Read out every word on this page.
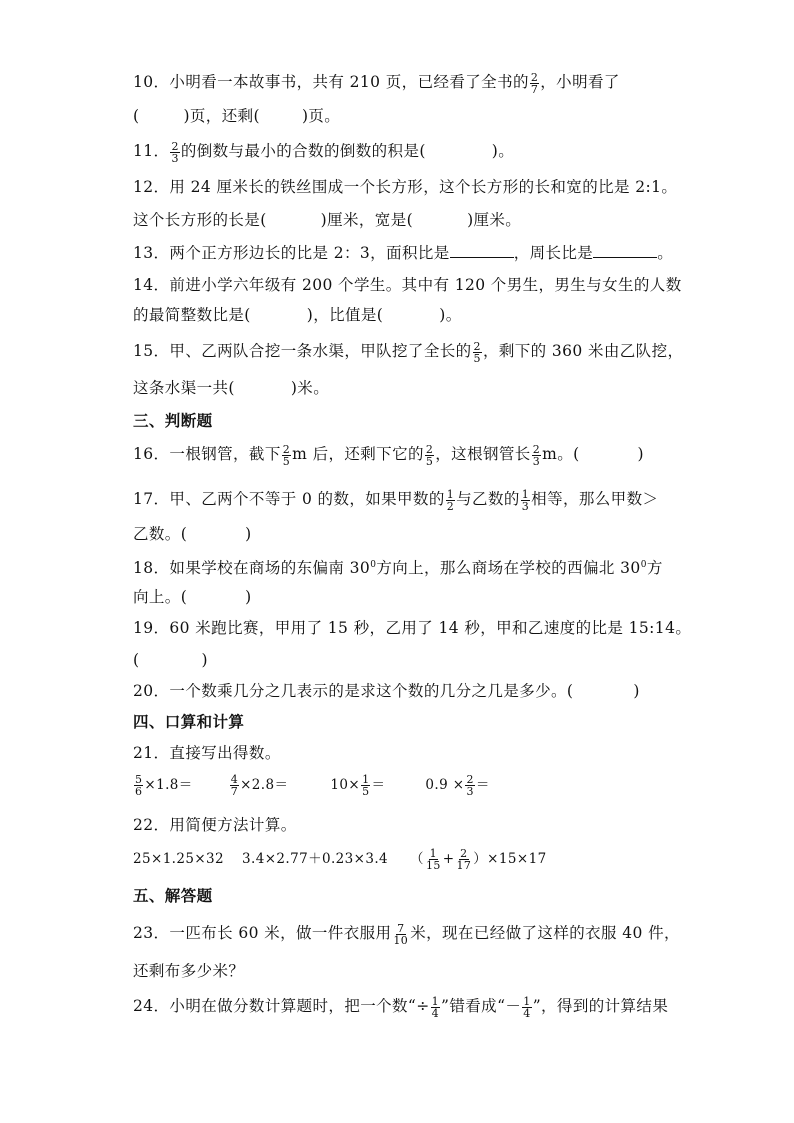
10．小明看一本故事书，共有 210 页，已经看了全书的 $\frac{2}{7}$ ，小明看了
(	)页，还剩(	)页。
11． $\frac{2}{3}$ 的倒数与最小的合数的倒数的积是(	)。
12．用 24 厘米长的铁丝围成一个长方形，这个长方形的长和宽的比是 2:1。
这个长方形的长是(	)厘米，宽是(	)厘米。
13．两个正方形边长的比是 2：3，面积比是	，周长比是	。
14．前进小学六年级有 200 个学生。其中有 120 个男生，男生与女生的人数
的最简整数比是(	)，比值是(	)。
15．甲、乙两队合挖一条水渠，甲队挖了全长的 $\frac{2}{5}$ ，剩下的 360 米由乙队挖，
这条水渠一共(	)米。
三、判断题
16．一根钢管，截下 $\frac{2}{5}$ m 后，还剩下它的 $\frac{2}{5}$ ，这根钢管长 $\frac{2}{3}$ m。(	)
17．甲、乙两个不等于 0 的数，如果甲数的 $\frac{1}{2}$ 与乙数的 $\frac{1}{3}$ 相等，那么甲数＞
乙数。(	)
18．如果学校在商场的东偏南 $30^0$方向上，那么商场在学校的西偏北 $30^0$方
向上。(	)
19．60 米跑比赛，甲用了 15 秒，乙用了 14 秒，甲和乙速度的比是 15:14。
(	)
20．一个数乘几分之几表示的是求这个数的几分之几是多少。(	)
四、口算和计算
21．直接写出得数。
$\frac{5}{6} \times 1.8=$	$\frac{4}{7} \times 2.8=$	$10\times \frac{1}{5}$ ＝	$0.9 \times \frac{2}{3}$ ＝
22．用简便方法计算。
25×1.25×32 3.4×2.77＋0.23×3.4 （ $\frac{1}{15} + \frac{2}{17} )\times 15\times 17$
五、解答题
23．一匹布长 60 米，做一件衣服用 $\frac{7}{10}$ 米，现在已经做了这样的衣服 40 件，
还剩布多少米？
24．小明在做分数计算题时，把一个数“÷ $\frac{1}{4}$ ”错看成“－ $\frac{1}{4}$ ”，得到的计算结果
